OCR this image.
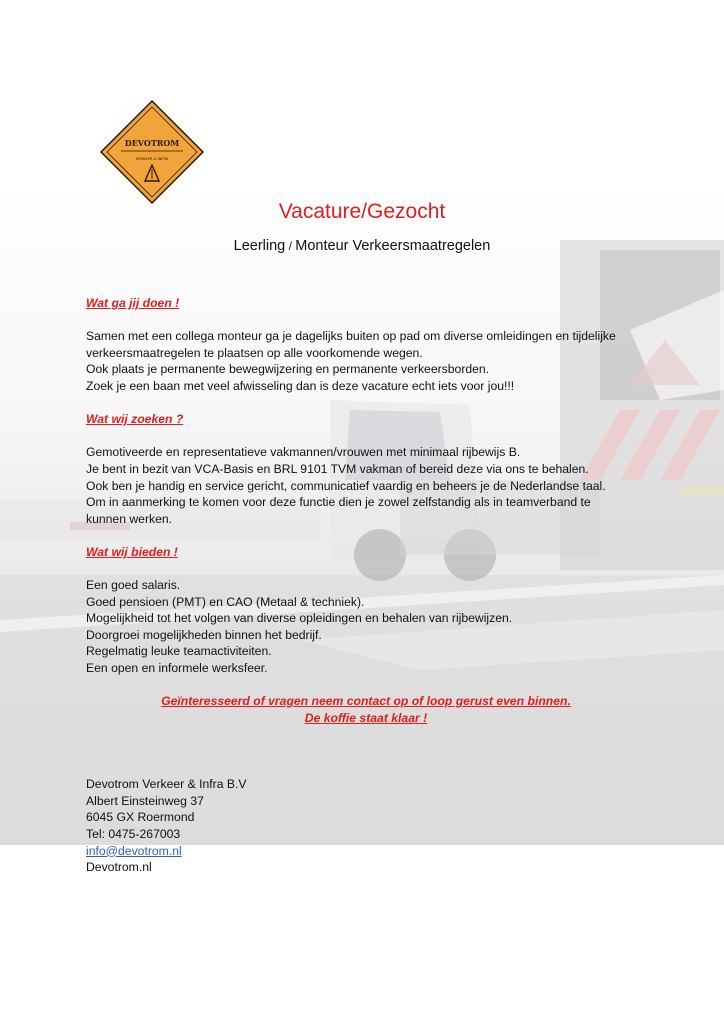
DEVOTROM
VERKEER & INFRA
Vacature/Gezocht

Leerling / Monteur Verkeersmaatregelen

Wat ga jij doen !

Samen met een collega monteur ga je dagelijks buiten op pad om diverse omleidingen en tijdelijke

verkeersmaatregelen te plaatsen op alle voorkomende wegen.

Ook plaats je permanente bewegwijzering en permanente verkeersborden.

Zoek je een baan met veel afwisseling dan is deze vacature echt iets voor jou!!!

Wat wij zoeken ?

Gemotiveerde en representatieve vakmannen/vrouwen met minimaal rijbewijs B.

Je bent in bezit van VCA-Basis en BRL 9101 TVM vakman of bereid deze via ons te behalen.

Ook ben je handig en service gericht, communicatief vaardig en beheers je de Nederlandse taal.

Om in aanmerking te komen voor deze functie dien je zowel zelfstandig als in teamverband te

kunnen werken.

Wat wij bieden !

Een goed salaris.

Goed pensioen (PMT) en CAO (Metaal & techniek).

Mogelijkheid tot het volgen van diverse opleidingen en behalen van rijbewijzen.

Doorgroei mogelijkheden binnen het bedrijf.

Regelmatig leuke teamactiviteiten.

Een open en informele werksfeer.

Geïnteresseerd of vragen neem contact op of loop gerust even binnen.

De koffie staat klaar !

Devotrom Verkeer & Infra B.V

Albert Einsteinweg 37

6045 GX Roermond

Tel: 0475-267003

info@devotrom.nl

Devotrom.nl
